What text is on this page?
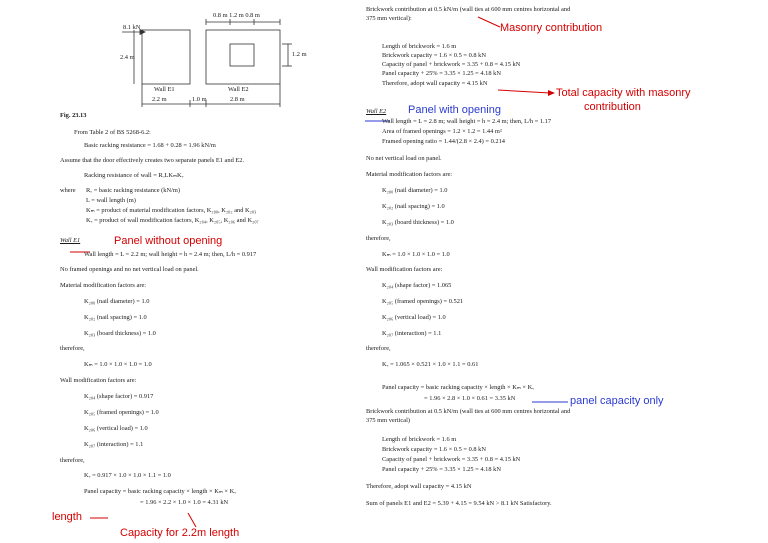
0.8 m 1.2 m 0.8 m
8.1 kN
2.4 m	1.2 m
Wall E1
2.2 m	1.0 m
Wall E2
2.8 m
Fig. 23.13
From Table 2 of BS 5268-6.2:
Basic racking resistance = 1.68 + 0.28 = 1.96 kN/m
Assume that the door effectively creates two separate panels E1 and E2.
Racking resistance of wall = RₒLKₘKᵥ
where Rₒ = basic racking resistance (kN/m)
L = wall length (m)
Kₘ = product of material modification factors, K₂₀₀, K₂₀₂ and K₂₀₃
Kᵥ = product of wall modification factors, K₂₀₄, K₂₀₅, K₂₀₆ and K₂₀₇
Wall E1
Wall length = L = 2.2 m; wall height = h = 2.4 m; then, L/h = 0.917
No framed openings and no net vertical load on panel.
Material modification factors are:
K₂₀₀ (nail diameter) = 1.0
K₂₀₂ (nail spacing) = 1.0
K₂₀₃ (board thickness) = 1.0
therefore,
Kₘ = 1.0 × 1.0 × 1.0 = 1.0
Wall modification factors are:
K₂₀₄ (shape factor) = 0.917
K₂₀₅ (framed openings) = 1.0
K₂₀₆ (vertical load) = 1.0
K₂₀₇ (interaction) = 1.1
therefore,
Kᵥ = 0.917 × 1.0 × 1.0 × 1.1 = 1.0
Panel capacity = basic racking capacity × length × Kₘ × Kᵥ
= 1.96 × 2.2 × 1.0 × 1.0 = 4.31 kN
Brickwork contribution at 0.5 kN/m (wall ties at 600 mm centres horizontal and
375 mm vertical):
Length of brickwork = 1.6 m
Brickwork capacity = 1.6 × 0.5 = 0.8 kN
Capacity of panel + brickwork = 3.35 + 0.8 = 4.15 kN
Panel capacity + 25% = 3.35 × 1.25 = 4.18 kN
Therefore, adopt wall capacity = 4.15 kN
Wall E2
Wall length = L = 2.8 m; wall height = h = 2.4 m; then, L/h = 1.17
Area of framed openings = 1.2 × 1.2 = 1.44 m²
Framed opening ratio = 1.44/(2.8 × 2.4) = 0.214
No net vertical load on panel.
Material modification factors are:
K₂₀₀ (nail diameter) = 1.0
K₂₀₂ (nail spacing) = 1.0
K₂₀₃ (board thickness) = 1.0
therefore,
Kₘ = 1.0 × 1.0 × 1.0 = 1.0
Wall modification factors are:
K₂₀₄ (shape factor) = 1.065
K₂₀₅ (framed openings) = 0.521
K₂₀₆ (vertical load) = 1.0
K₂₀₇ (interaction) = 1.1
therefore,
Kᵥ = 1.065 × 0.521 × 1.0 × 1.1 = 0.61
Panel capacity = basic racking capacity × length × Kₘ × Kᵥ
= 1.96 × 2.8 × 1.0 × 0.61 = 3.35 kN
Brickwork contribution at 0.5 kN/m (wall ties at 600 mm centres horizontal and
375 mm vertical)
Length of brickwork = 1.6 m
Brickwork capacity = 1.6 × 0.5 = 0.8 kN
Capacity of panel + brickwork = 3.35 + 0.8 = 4.15 kN
Panel capacity + 25% = 3.35 × 1.25 = 4.18 kN
Therefore, adopt wall capacity = 4.15 kN
Sum of panels E1 and E2 = 5.39 + 4.15 = 9.54 kN > 8.1 kN Satisfactory.
Masonry contribution
Total capacity with masonry
contribution
Panel with opening
Panel without opening
panel capacity only
length
Capacity for 2.2m length
